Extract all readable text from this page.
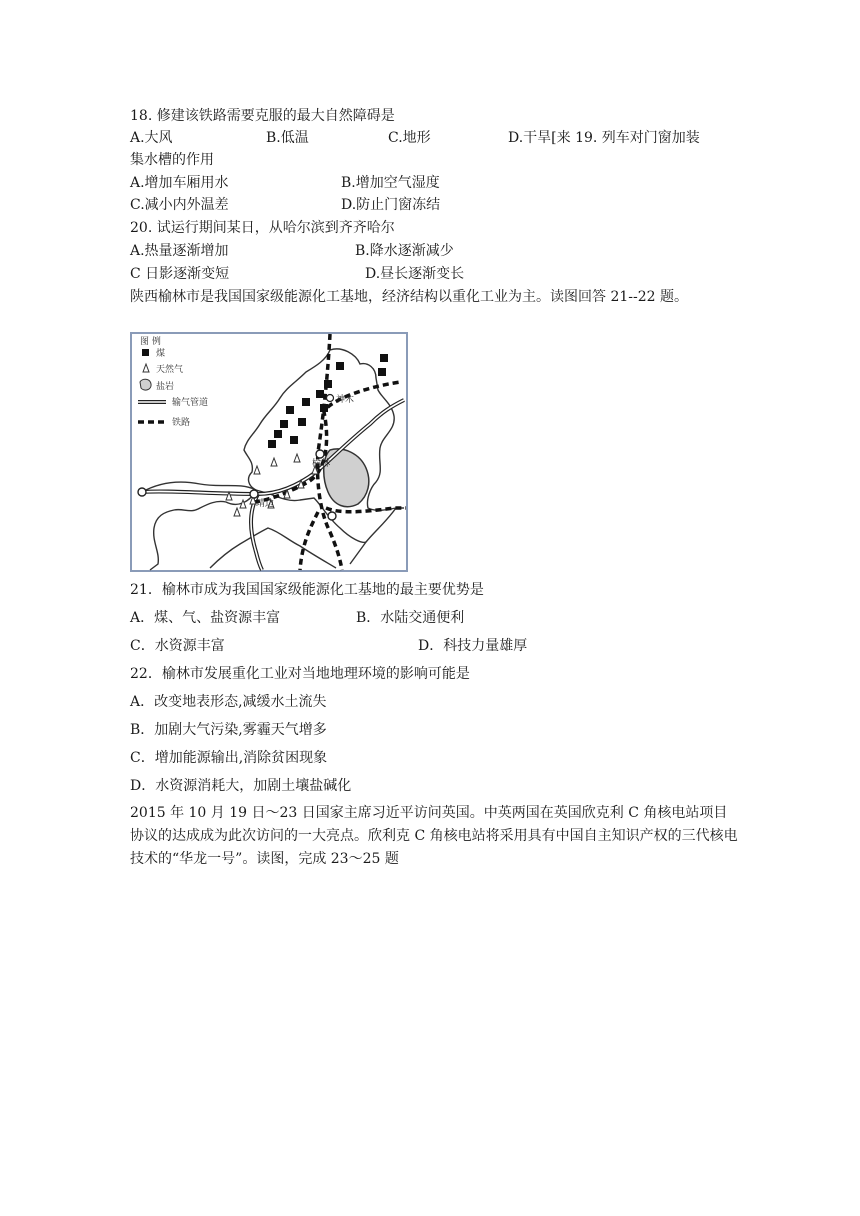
18. 修建该铁路需要克服的最大自然障碍是
A.大风	B.低温	C.地形	D.干旱[来 19. 列车对门窗加装
集水槽的作用
A.增加车厢用水	B.增加空气湿度
C.减小内外温差	D.防止门窗冻结
20. 试运行期间某日，从哈尔滨到齐齐哈尔
A.热量逐渐增加	B.降水逐渐减少
C 日影逐渐变短	D.昼长逐渐变长
陕西榆林市是我国国家级能源化工基地，经济结构以重化工业为主。读图回答 21--22 题。
神木
榆林
靖边
图 例
煤
天然气
盐岩
输气管道
铁路
21．榆林市成为我国国家级能源化工基地的最主要优势是
A．煤、气、盐资源丰富	B．水陆交通便利
C．水资源丰富	D．科技力量雄厚
22．榆林市发展重化工业对当地地理环境的影响可能是
A．改变地表形态,减缓水土流失
B．加剧大气污染,雾霾天气增多
C．增加能源输出,消除贫困现象
D．水资源消耗大，加剧土壤盐碱化
2015 年 10 月 19 日～23 日国家主席习近平访问英国。中英两国在英国欣克利 C 角核电站项目协议的达成成为此次访问的一大亮点。欣利克 C 角核电站将采用具有中国自主知识产权的三代核电技术的“华龙一号”。读图，完成 23～25 题
